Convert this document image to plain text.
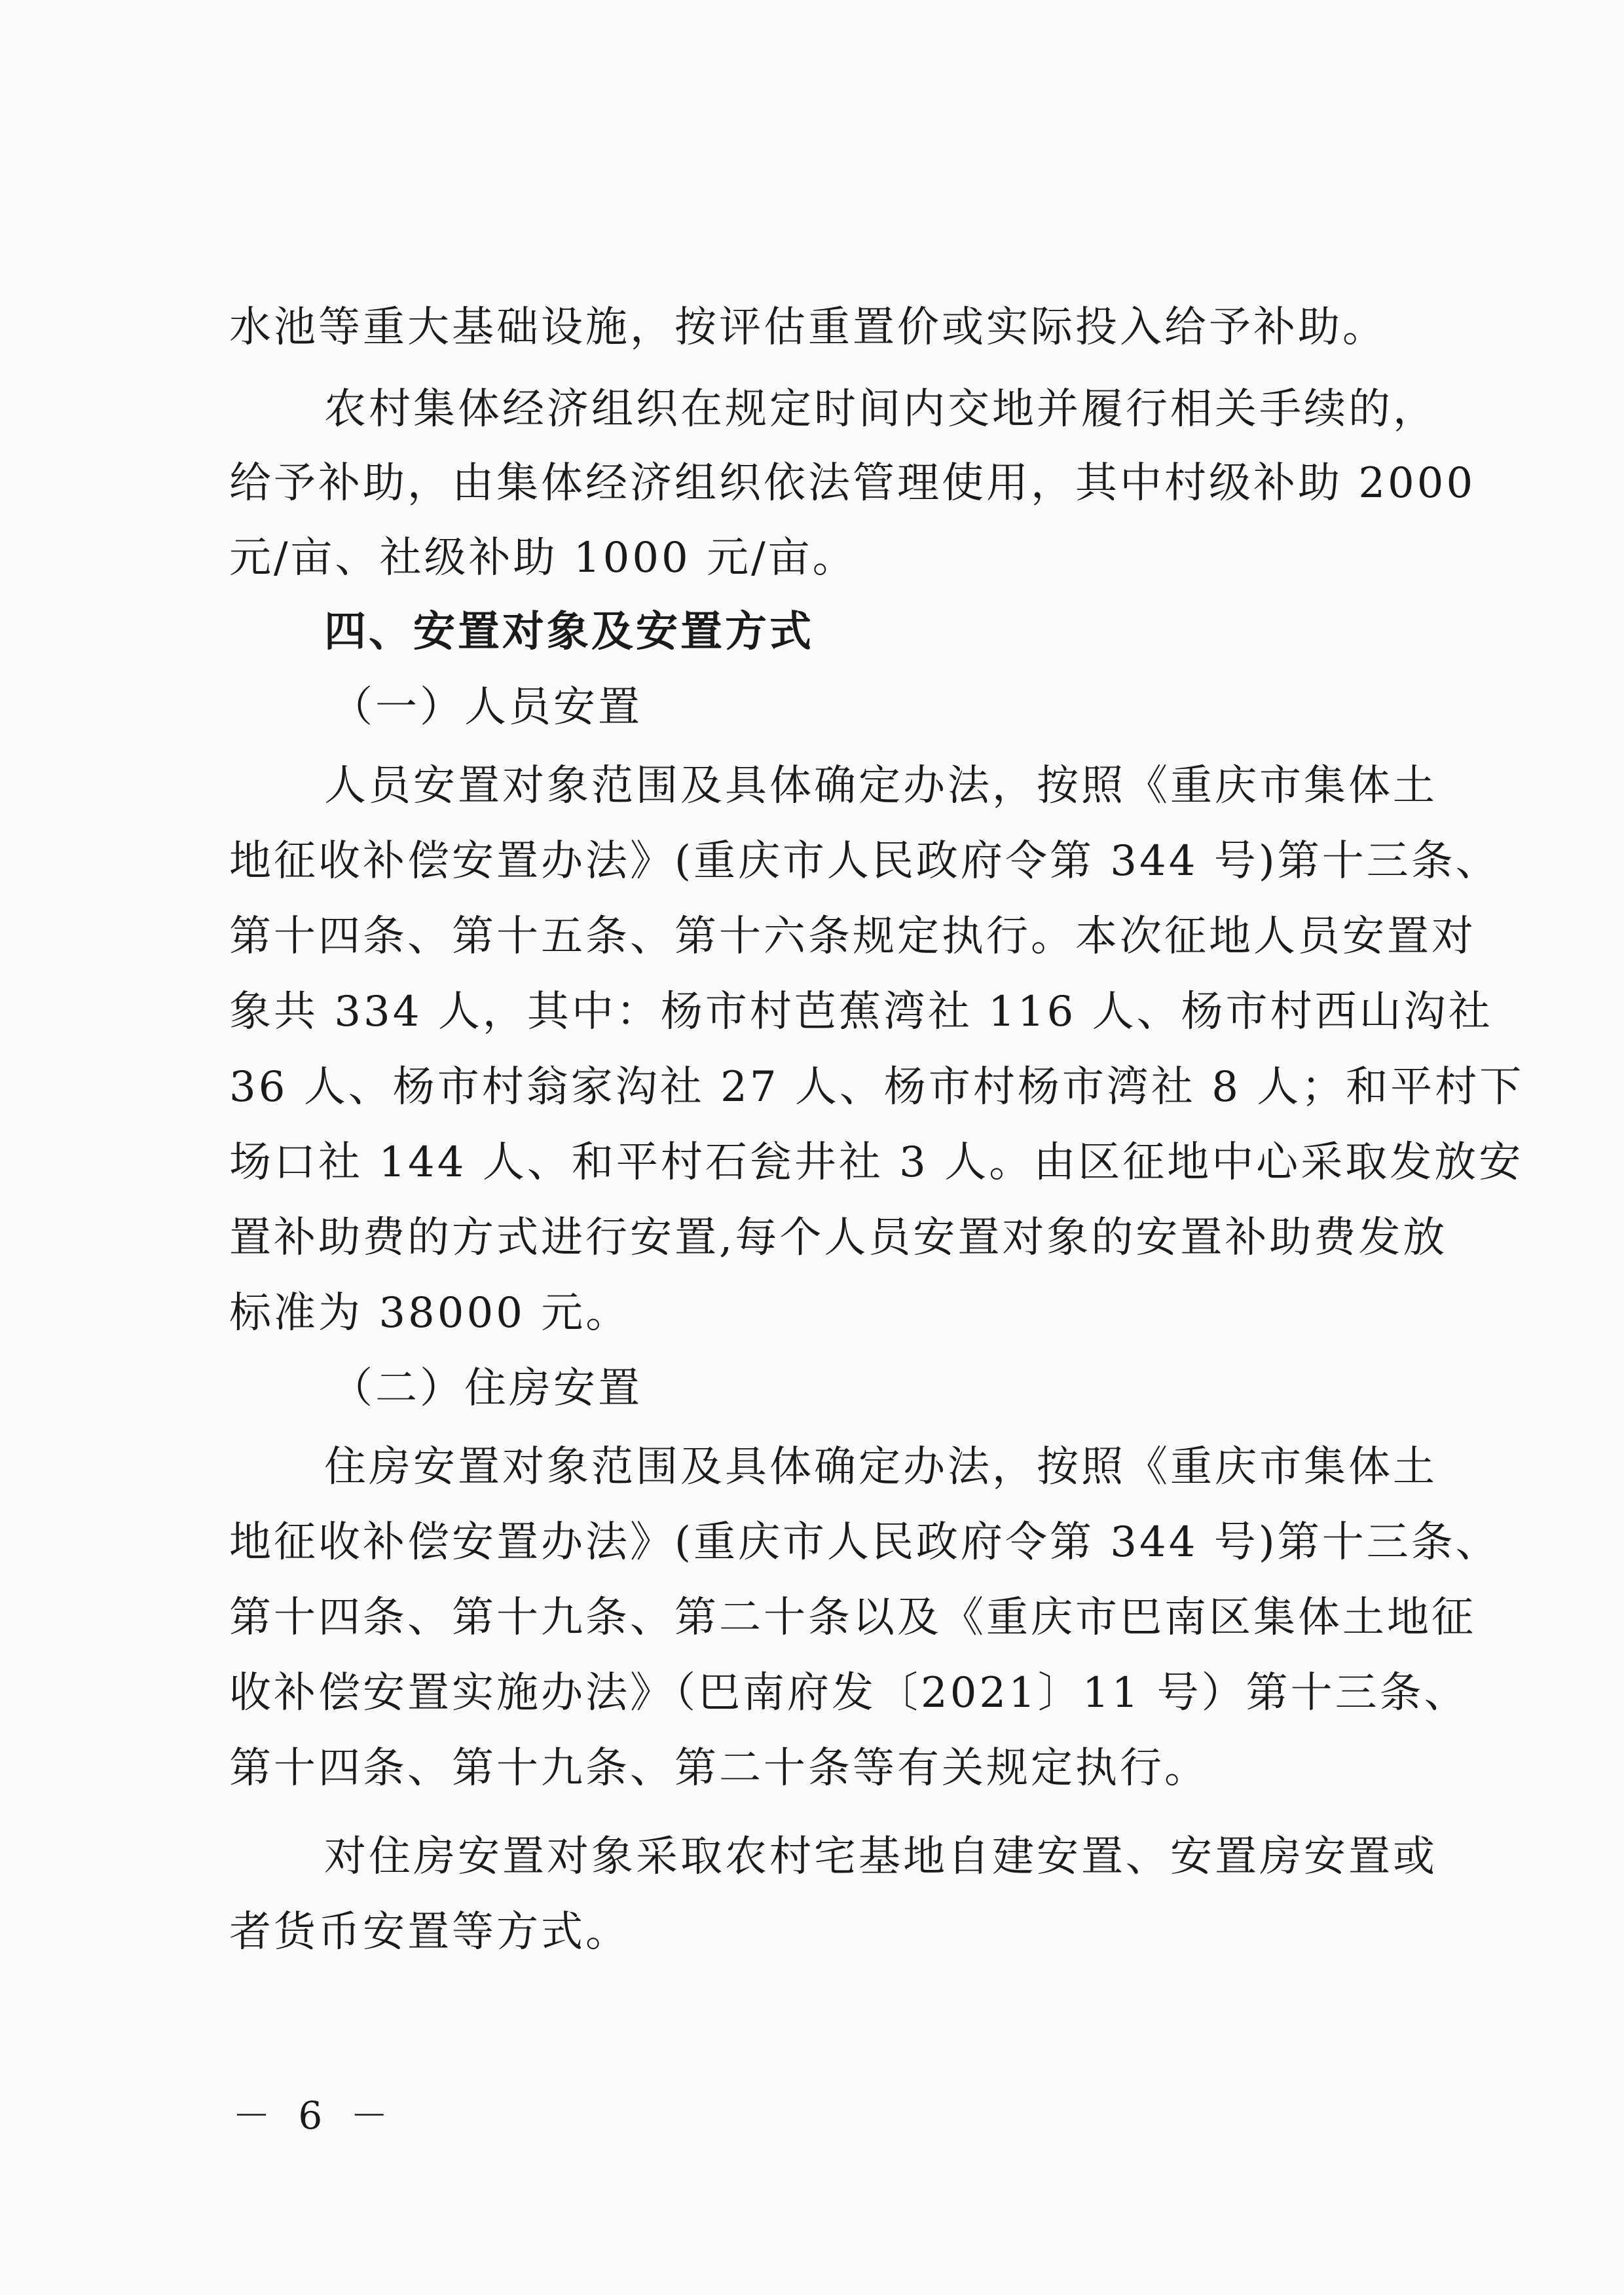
水池等重大基础设施，按评估重置价或实际投入给予补助。
农村集体经济组织在规定时间内交地并履行相关手续的，
给予补助，由集体经济组织依法管理使用，其中村级补助 2000
元/亩、社级补助 1000 元/亩。
四、安置对象及安置方式
（一）人员安置
人员安置对象范围及具体确定办法，按照《重庆市集体土
地征收补偿安置办法》(重庆市人民政府令第 344 号)第十三条、
第十四条、第十五条、第十六条规定执行。本次征地人员安置对
象共 334 人，其中：杨市村芭蕉湾社 116 人、杨市村西山沟社
36 人、杨市村翁家沟社 27 人、杨市村杨市湾社 8 人；和平村下
场口社 144 人、和平村石瓮井社 3 人。由区征地中心采取发放安
置补助费的方式进行安置,每个人员安置对象的安置补助费发放
标准为 38000 元。
（二）住房安置
住房安置对象范围及具体确定办法，按照《重庆市集体土
地征收补偿安置办法》(重庆市人民政府令第 344 号)第十三条、
第十四条、第十九条、第二十条以及《重庆市巴南区集体土地征
收补偿安置实施办法》（巴南府发〔2021〕11 号）第十三条、
第十四条、第十九条、第二十条等有关规定执行。
对住房安置对象采取农村宅基地自建安置、安置房安置或
者货币安置等方式。
－ 6 －
